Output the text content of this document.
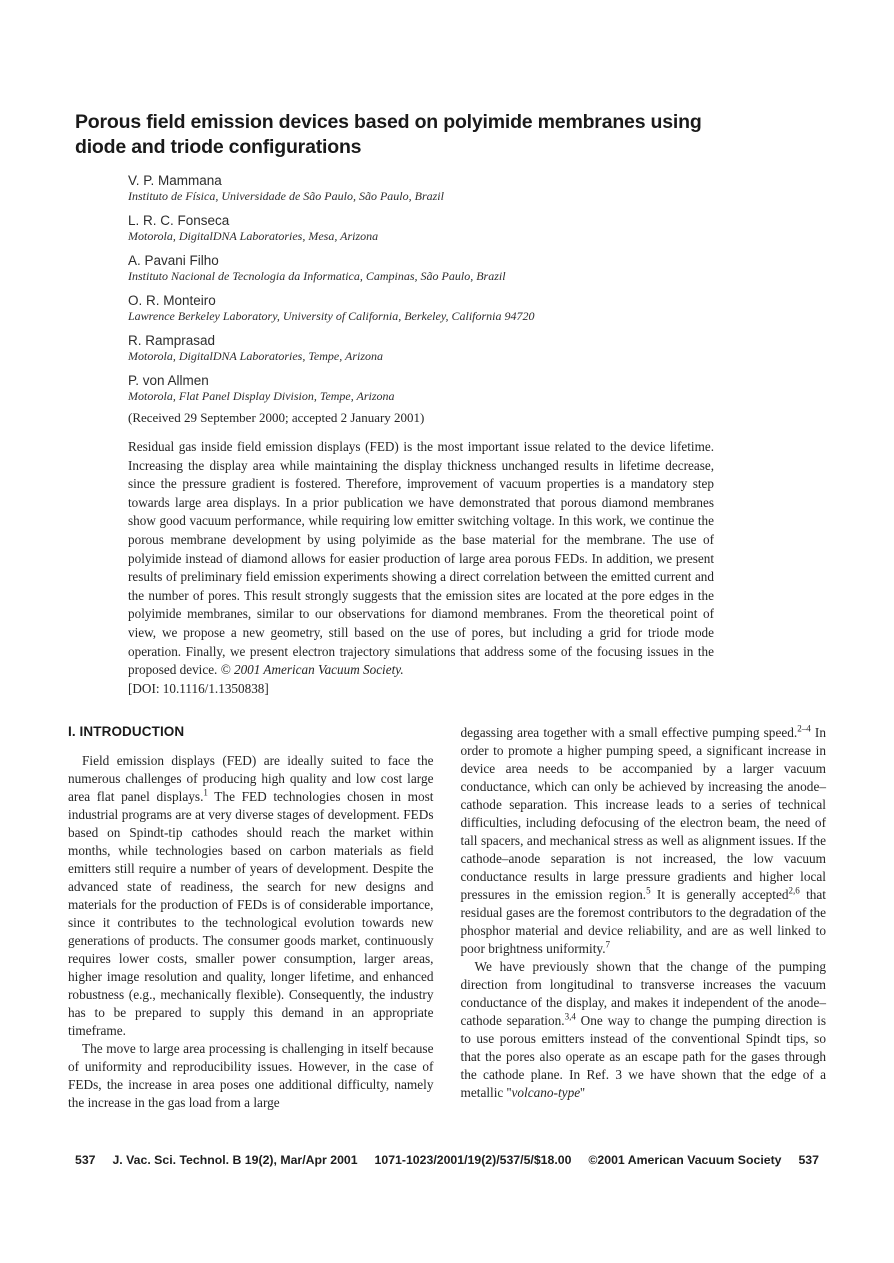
Porous field emission devices based on polyimide membranes using diode and triode configurations
V. P. Mammana
Instituto de Física, Universidade de São Paulo, São Paulo, Brazil
L. R. C. Fonseca
Motorola, DigitalDNA Laboratories, Mesa, Arizona
A. Pavani Filho
Instituto Nacional de Tecnologia da Informatica, Campinas, São Paulo, Brazil
O. R. Monteiro
Lawrence Berkeley Laboratory, University of California, Berkeley, California 94720
R. Ramprasad
Motorola, DigitalDNA Laboratories, Tempe, Arizona
P. von Allmen
Motorola, Flat Panel Display Division, Tempe, Arizona
(Received 29 September 2000; accepted 2 January 2001)
Residual gas inside field emission displays (FED) is the most important issue related to the device lifetime. Increasing the display area while maintaining the display thickness unchanged results in lifetime decrease, since the pressure gradient is fostered. Therefore, improvement of vacuum properties is a mandatory step towards large area displays. In a prior publication we have demonstrated that porous diamond membranes show good vacuum performance, while requiring low emitter switching voltage. In this work, we continue the porous membrane development by using polyimide as the base material for the membrane. The use of polyimide instead of diamond allows for easier production of large area porous FEDs. In addition, we present results of preliminary field emission experiments showing a direct correlation between the emitted current and the number of pores. This result strongly suggests that the emission sites are located at the pore edges in the polyimide membranes, similar to our observations for diamond membranes. From the theoretical point of view, we propose a new geometry, still based on the use of pores, but including a grid for triode mode operation. Finally, we present electron trajectory simulations that address some of the focusing issues in the proposed device. © 2001 American Vacuum Society.
[DOI: 10.1116/1.1350838]
I. INTRODUCTION

Field emission displays (FED) are ideally suited to face the numerous challenges of producing high quality and low cost large area flat panel displays.$^1$ The FED technologies chosen in most industrial programs are at very diverse stages of development. FEDs based on Spindt-tip cathodes should reach the market within months, while technologies based on carbon materials as field emitters still require a number of years of development. Despite the advanced state of readiness, the search for new designs and materials for the production of FEDs is of considerable importance, since it contributes to the technological evolution towards new generations of products. The consumer goods market, continuously requires lower costs, smaller power consumption, larger areas, higher image resolution and quality, longer lifetime, and enhanced robustness (e.g., mechanically flexible). Consequently, the industry has to be prepared to supply this demand in an appropriate timeframe.

The move to large area processing is challenging in itself because of uniformity and reproducibility issues. However, in the case of FEDs, the increase in area poses one additional difficulty, namely the increase in the gas load from a large

degassing area together with a small effective pumping speed.$^{2-4}$ In order to promote a higher pumping speed, a significant increase in device area needs to be accompanied by a larger vacuum conductance, which can only be achieved by increasing the anode–cathode separation. This increase leads to a series of technical difficulties, including defocusing of the electron beam, the need of tall spacers, and mechanical stress as well as alignment issues. If the cathode–anode separation is not increased, the low vacuum conductance results in large pressure gradients and higher local pressures in the emission region.$^5$ It is generally accepted$^{2,6}$ that residual gases are the foremost contributors to the degradation of the phosphor material and device reliability, and are as well linked to poor brightness uniformity.$^7$

We have previously shown that the change of the pumping direction from longitudinal to transverse increases the vacuum conductance of the display, and makes it independent of the anode–cathode separation.$^{3,4}$ One way to change the pumping direction is to use porous emitters instead of the conventional Spindt tips, so that the pores also operate as an escape path for the gases through the cathode plane. In Ref. 3 we have shown that the edge of a metallic ''volcano-type''

537 J. Vac. Sci. Technol. B 19(2), Mar/Apr 2001 1071-1023/2001/19(2)/537/5/$18.00 ©2001 American Vacuum Society 537
